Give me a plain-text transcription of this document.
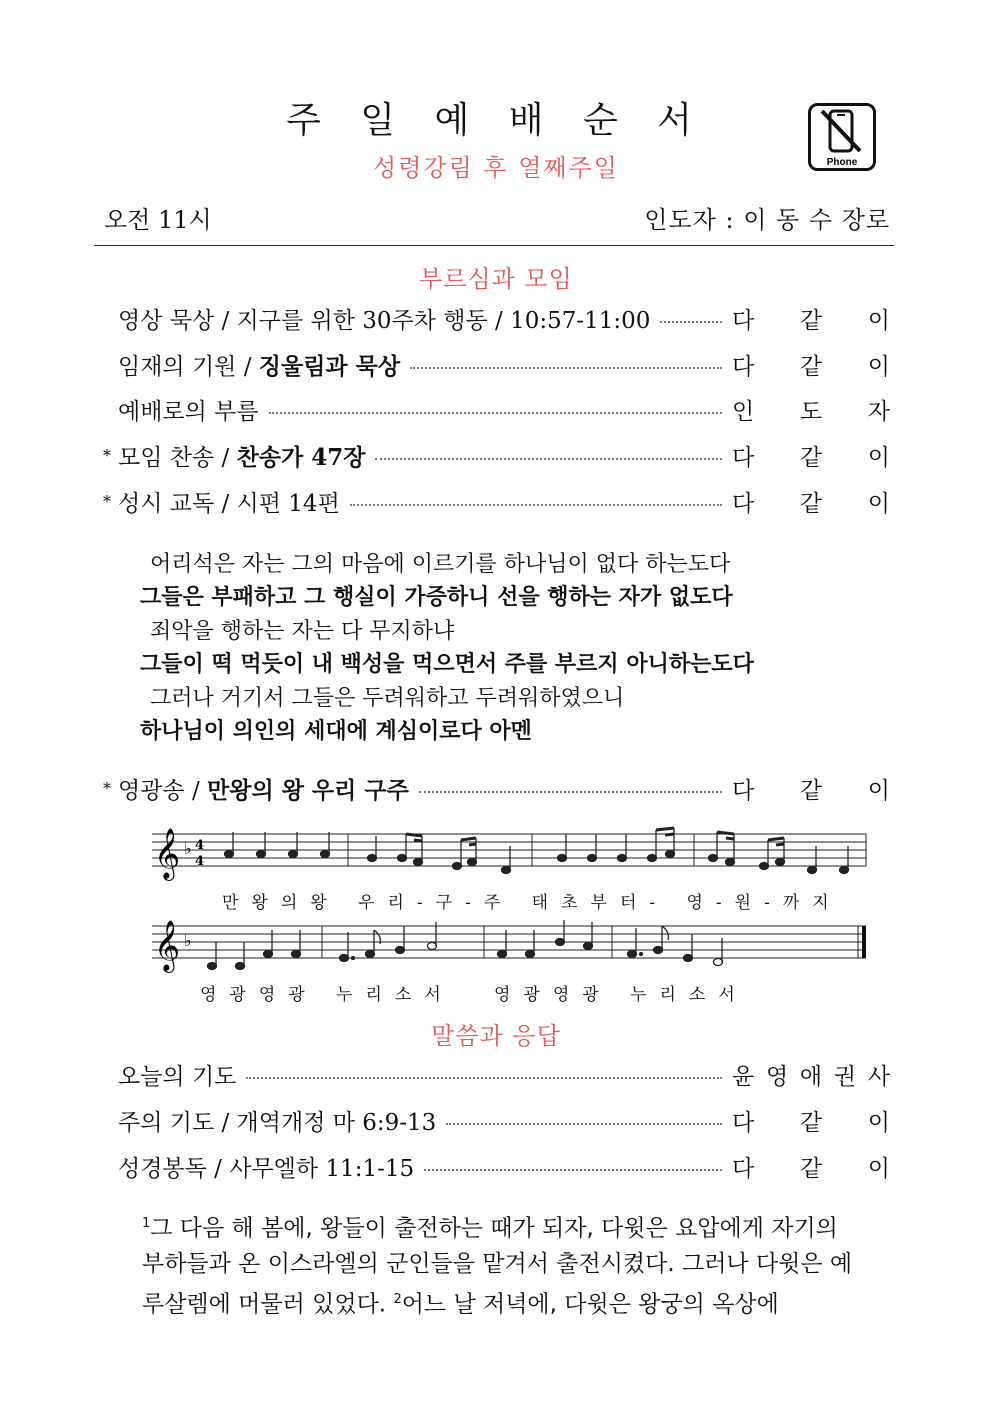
주 일 예 배 순 서
성령강림 후 열째주일	Phone
오전 11시	인도자 : 이 동 수 장로
부르심과 모임
영상 묵상 / 지구를 위한 30주차 행동 / 10:57-11:00	다 같 이
임재의 기원 / 징울림과 묵상	다 같 이
예배로의 부름	인 도 자
* 모임 찬송 / 찬송가 47장	다 같 이
* 성시 교독 / 시편 14편	다 같 이
어리석은 자는 그의 마음에 이르기를 하나님이 없다 하는도다
그들은 부패하고 그 행실이 가증하니 선을 행하는 자가 없도다
죄악을 행하는 자는 다 무지하냐
그들이 떡 먹듯이 내 백성을 먹으면서 주를 부르지 아니하는도다
그러나 거기서 그들은 두려워하고 두려워하였으니
하나님이 의인의 세대에 계심이로다 아멘
* 영광송 / 만왕의 왕 우리 구주	다 같 이
𝄞 ♭ 4
4
만왕의왕 우리-구-주 태초부터- 영-원-까지
𝄞 ♭
영광영광 누리소서 영광영광 누리소서
말씀과 응답
오늘의 기도	윤 영 애 권 사
주의 기도 / 개역개정 마 6:9-13	다 같 이
성경봉독 / 사무엘하 11:1-15	다 같 이
$^1$그 다음 해 봄에, 왕들이 출전하는 때가 되자, 다윗은 요압에게 자기의 부하들과 온 이스라엘의 군인들을 맡겨서 출전시켰다. 그러나 다윗은 예루살렘에 머물러 있었다. $^2$어느 날 저녁에, 다윗은 왕궁의 옥상에
